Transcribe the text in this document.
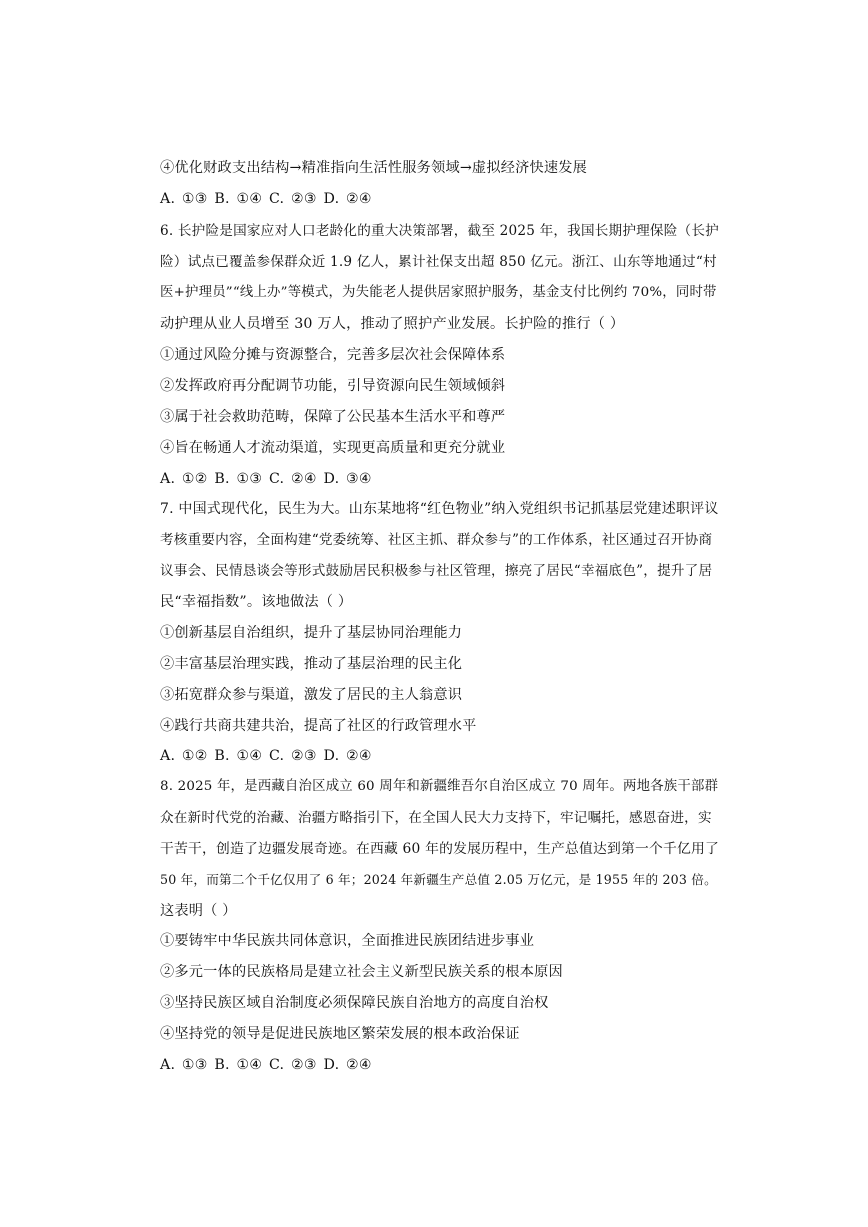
④优化财政支出结构→精准指向生活性服务领域→虚拟经济快速发展
A. ①③ B. ①④ C. ②③ D. ②④
6. 长护险是国家应对人口老龄化的重大决策部署，截至 2025 年，我国长期护理保险（长护
险）试点已覆盖参保群众近 1.9 亿人，累计社保支出超 850 亿元。浙江、山东等地通过“村
医+护理员”“线上办”等模式，为失能老人提供居家照护服务，基金支付比例约 70%，同时带
动护理从业人员增至 30 万人，推动了照护产业发展。长护险的推行（ ）
①通过风险分摊与资源整合，完善多层次社会保障体系
②发挥政府再分配调节功能，引导资源向民生领域倾斜
③属于社会救助范畴，保障了公民基本生活水平和尊严
④旨在畅通人才流动渠道，实现更高质量和更充分就业
A. ①② B. ①③ C. ②④ D. ③④
7. 中国式现代化，民生为大。山东某地将“红色物业”纳入党组织书记抓基层党建述职评议
考核重要内容，全面构建“党委统筹、社区主抓、群众参与”的工作体系，社区通过召开协商
议事会、民情恳谈会等形式鼓励居民积极参与社区管理，擦亮了居民“幸福底色”，提升了居
民“幸福指数”。该地做法（ ）
①创新基层自治组织，提升了基层协同治理能力
②丰富基层治理实践，推动了基层治理的民主化
③拓宽群众参与渠道，激发了居民的主人翁意识
④践行共商共建共治，提高了社区的行政管理水平
A. ①② B. ①④ C. ②③ D. ②④
8. 2025 年，是西藏自治区成立 60 周年和新疆维吾尔自治区成立 70 周年。两地各族干部群
众在新时代党的治藏、治疆方略指引下，在全国人民大力支持下，牢记嘱托，感恩奋进，实
干苦干，创造了边疆发展奇迹。在西藏 60 年的发展历程中，生产总值达到第一个千亿用了
50 年，而第二个千亿仅用了 6 年；2024 年新疆生产总值 2.05 万亿元，是 1955 年的 203 倍。
这表明（ ）
①要铸牢中华民族共同体意识，全面推进民族团结进步事业
②多元一体的民族格局是建立社会主义新型民族关系的根本原因
③坚持民族区域自治制度必须保障民族自治地方的高度自治权
④坚持党的领导是促进民族地区繁荣发展的根本政治保证
A. ①③ B. ①④ C. ②③ D. ②④
